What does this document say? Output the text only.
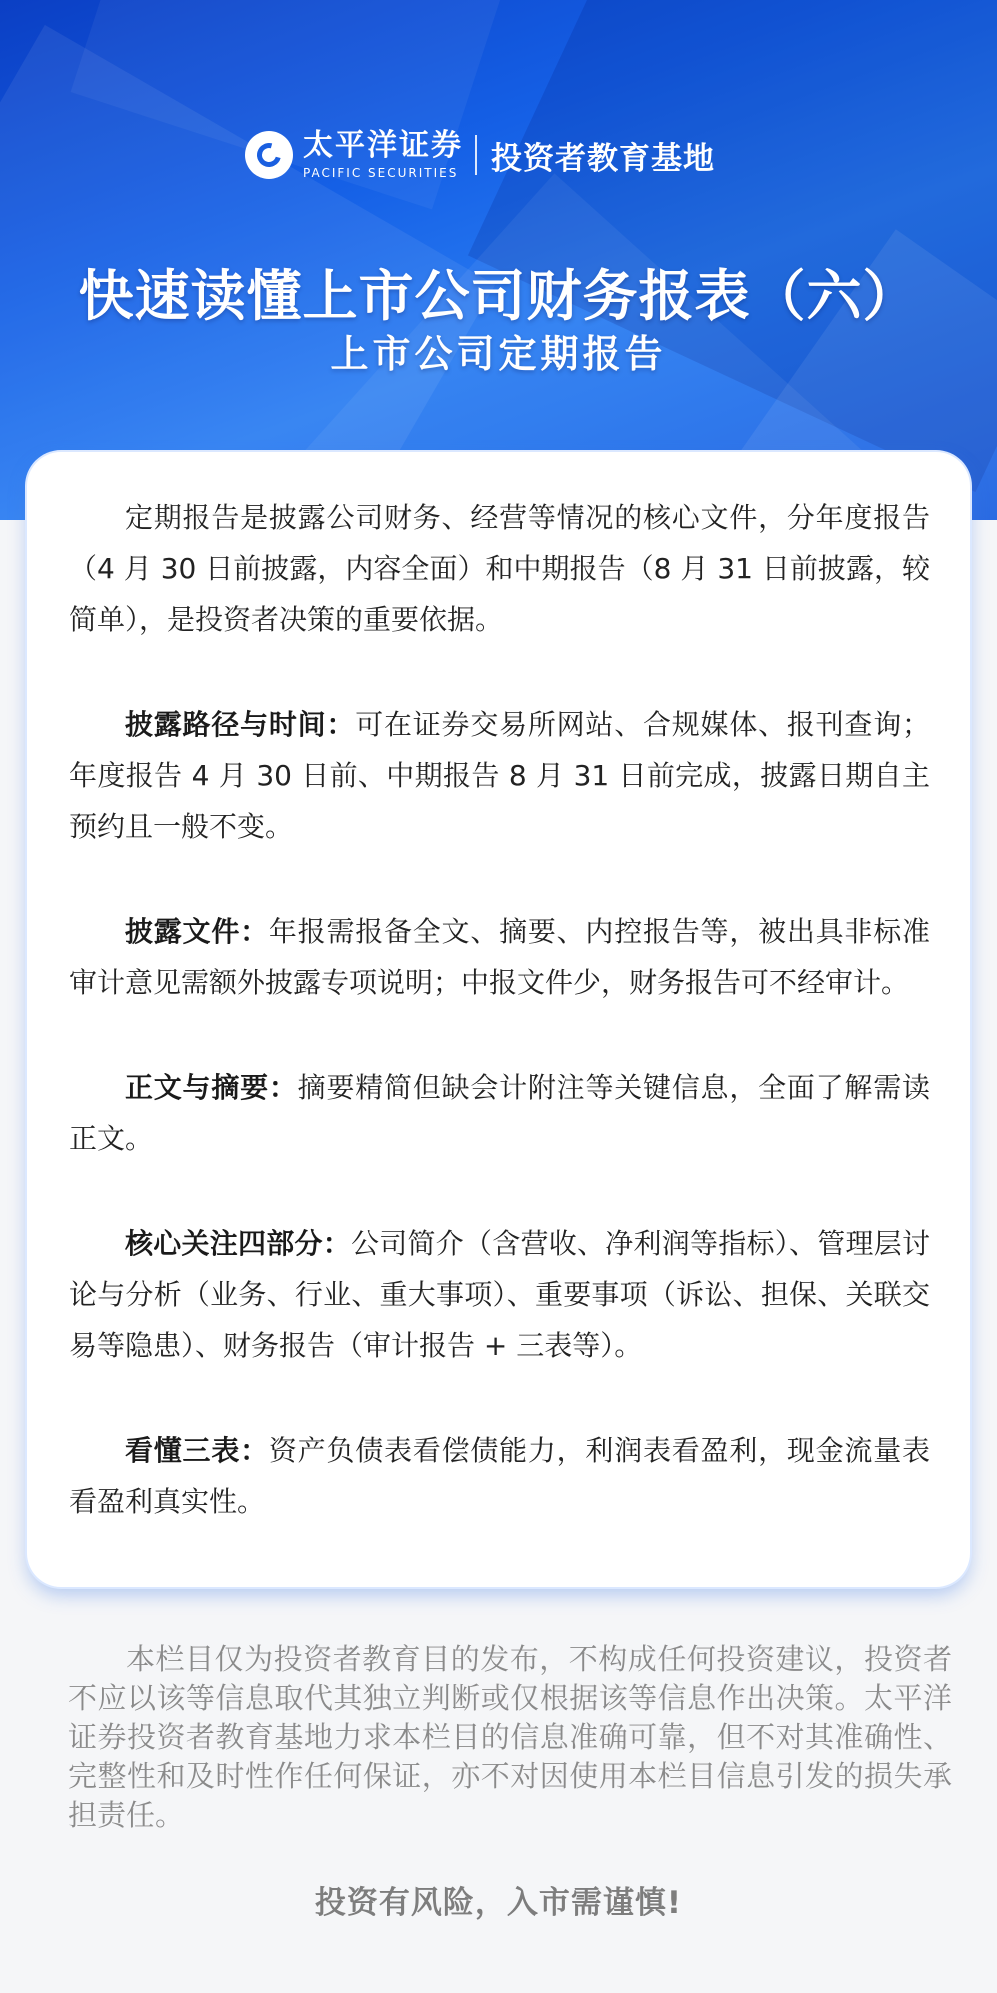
太平洋证券
PACIFIC SECURITIES 投资者教育基地
快速读懂上市公司财务报表（六）
上市公司定期报告

定期报告是披露公司财务、经营等情况的核心文件，分年度报告（4 月 30 日前披露，内容全面）和中期报告（8 月 31 日前披露，较简单），是投资者决策的重要依据。

披露路径与时间：可在证券交易所网站、合规媒体、报刊查询；年度报告 4 月 30 日前、中期报告 8 月 31 日前完成，披露日期自主预约且一般不变。

披露文件：年报需报备全文、摘要、内控报告等，被出具非标准审计意见需额外披露专项说明；中报文件少，财务报告可不经审计。

正文与摘要：摘要精简但缺会计附注等关键信息，全面了解需读正文。

核心关注四部分：公司简介（含营收、净利润等指标）、管理层讨论与分析（业务、行业、重大事项）、重要事项（诉讼、担保、关联交易等隐患）、财务报告（审计报告 + 三表等）。

看懂三表：资产负债表看偿债能力，利润表看盈利，现金流量表看盈利真实性。

本栏目仅为投资者教育目的发布，不构成任何投资建议，投资者不应以该等信息取代其独立判断或仅根据该等信息作出决策。太平洋证券投资者教育基地力求本栏目的信息准确可靠，但不对其准确性、完整性和及时性作任何保证，亦不对因使用本栏目信息引发的损失承担责任。

投资有风险，入市需谨慎!
